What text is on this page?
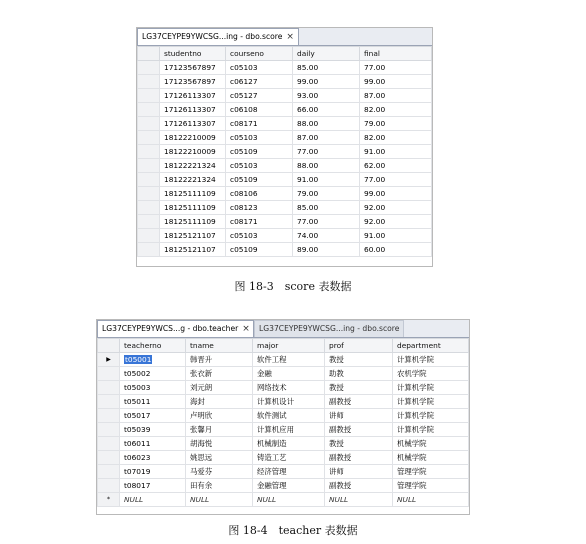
LG37CEYPE9YWCSG...ing - dbo.score ×
	studentno	courseno	daily	final
	17123567897	c05103	85.00	77.00
	17123567897	c06127	99.00	99.00
	17126113307	c05127	93.00	87.00
	17126113307	c06108	66.00	82.00
	17126113307	c08171	88.00	79.00
	18122210009	c05103	87.00	82.00
	18122210009	c05109	77.00	91.00
	18122221324	c05103	88.00	62.00
	18122221324	c05109	91.00	77.00
	18125111109	c08106	79.00	99.00
	18125111109	c08123	85.00	92.00
	18125111109	c08171	77.00	92.00
	18125121107	c05103	74.00	91.00
	18125121107	c05109	89.00	60.00
图 18-3　score 表数据
LG37CEYPE9YWCS...g - dbo.teacher × LG37CEYPE9YWCSG...ing - dbo.score
	teacherno	tname	major	prof	department
▶	t05001	韩晋升	软件工程	教授	计算机学院
	t05002	张衣新	金融	助教	农机学院
	t05003	刘元朗	网络技术	教授	计算机学院
	t05011	海封	计算机设计	副教授	计算机学院
	t05017	卢明欣	软件测试	讲师	计算机学院
	t05039	张馨月	计算机应用	副教授	计算机学院
	t06011	胡海悦	机械制造	教授	机械学院
	t06023	姚思远	铸造工艺	副教授	机械学院
	t07019	马爱芬	经济管理	讲师	管理学院
	t08017	田有余	金融管理	副教授	管理学院
*	NULL	NULL	NULL	NULL	NULL
图 18-4　teacher 表数据
